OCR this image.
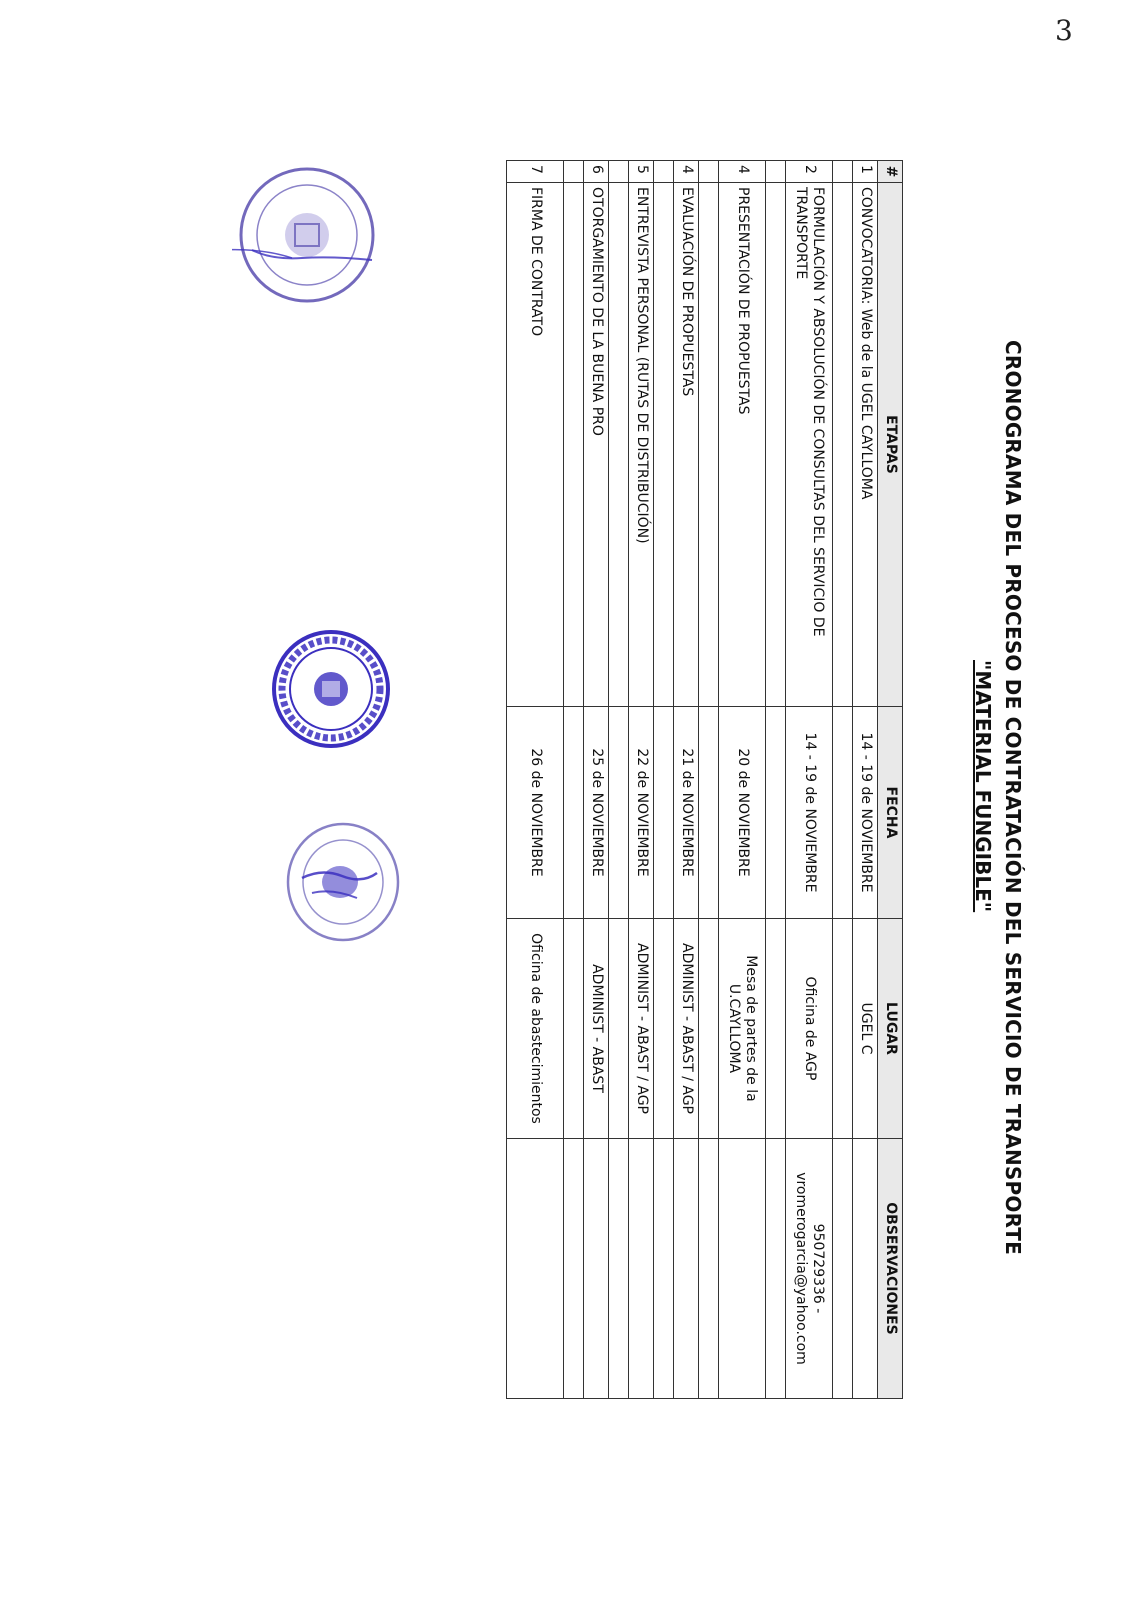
3
CRONOGRAMA DEL PROCESO DE CONTRATACIÓN DEL SERVICIO DE TRANSPORTE
"MATERIAL FUNGIBLE"
#	ETAPAS	FECHA	LUGAR	OBSERVACIONES
1	CONVOCATORIA: Web de la UGEL CAYLLOMA	14 - 19 de NOVIEMBRE	UGEL C	

2	FORMULACIÓN Y ABSOLUCIÓN DE CONSULTAS DEL SERVICIO DE TRANSPORTE	14 - 19 de NOVIEMBRE	Oficina de AGP	950729336 - vromerogarcia@yahoo.com

4	PRESENTACIÓN DE PROPUESTAS	20 de NOVIEMBRE	Mesa de partes de la U.CAYLLOMA	

4	EVALUACIÓN DE PROPUESTAS	21 de NOVIEMBRE	ADMINIST - ABAST / AGP	

5	ENTREVISTA PERSONAL (RUTAS DE DISTRIBUCIÓN)	22 de NOVIEMBRE	ADMINIST - ABAST / AGP	

6	OTORGAMIENTO DE LA BUENA PRO	25 de NOVIEMBRE	ADMINIST - ABAST	

7	FIRMA DE CONTRATO	26 de NOVIEMBRE	Oficina de abastecimientos	
